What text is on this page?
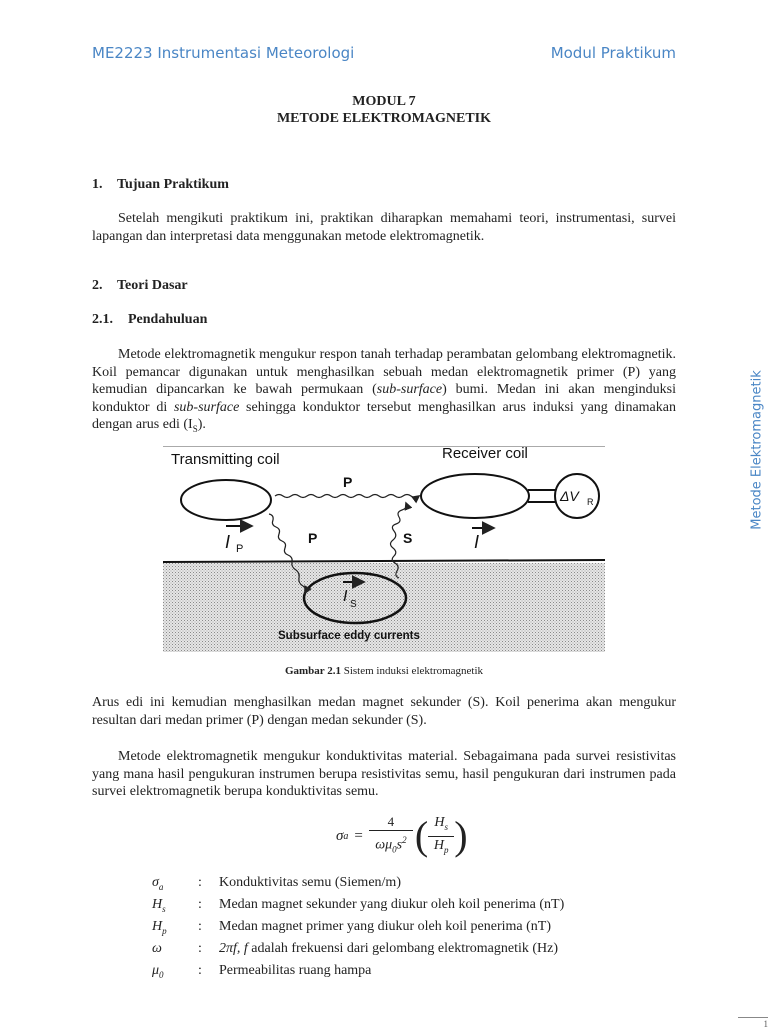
ME2223 Instrumentasi Meteorologi	Modul Praktikum
Metode Elektromagnetik
MODUL 7
METODE ELEKTROMAGNETIK
1. Tujuan Praktikum
Setelah mengikuti praktikum ini, praktikan diharapkan memahami teori, instrumentasi, survei lapangan dan interpretasi data menggunakan metode elektromagnetik.
2. Teori Dasar
2.1. Pendahuluan
Metode elektromagnetik mengukur respon tanah terhadap perambatan gelombang elektromagnetik. Koil pemancar digunakan untuk menghasilkan sebuah medan elektromagnetik primer (P) yang kemudian dipancarkan ke bawah permukaan (sub-surface) bumi. Medan ini akan menginduksi konduktor di sub-surface sehingga konduktor tersebut menghasilkan arus induksi yang dinamakan dengan arus edi $(I_S)$.
Transmitting coil	Receiver coil
P
P	S
I P	I
ΔV R
I S
Subsurface eddy currents
Gambar 2.1 Sistem induksi elektromagnetik
Arus edi ini kemudian menghasilkan medan magnet sekunder (S). Koil penerima akan mengukur resultan dari medan primer (P) dengan medan sekunder (S).
Metode elektromagnetik mengukur konduktivitas material. Sebagaimana pada survei resistivitas yang mana hasil pengukuran instrumen berupa resistivitas semu, hasil pengukuran dari instrumen pada survei elektromagnetik berupa konduktivitas semu.
σ a =
4
$\omega\mu_0s^2$ ( $H_s$
$H_p$ )
$\sigma_a$	:	Konduktivitas semu (Siemen/m)
$H_s$	:	Medan magnet sekunder yang diukur oleh koil penerima (nT)
$H_p$	:	Medan magnet primer yang diukur oleh koil penerima (nT)
ω	:	2πf, f adalah frekuensi dari gelombang elektromagnetik (Hz)
$\mu_0$	:	Permeabilitas ruang hampa
1
